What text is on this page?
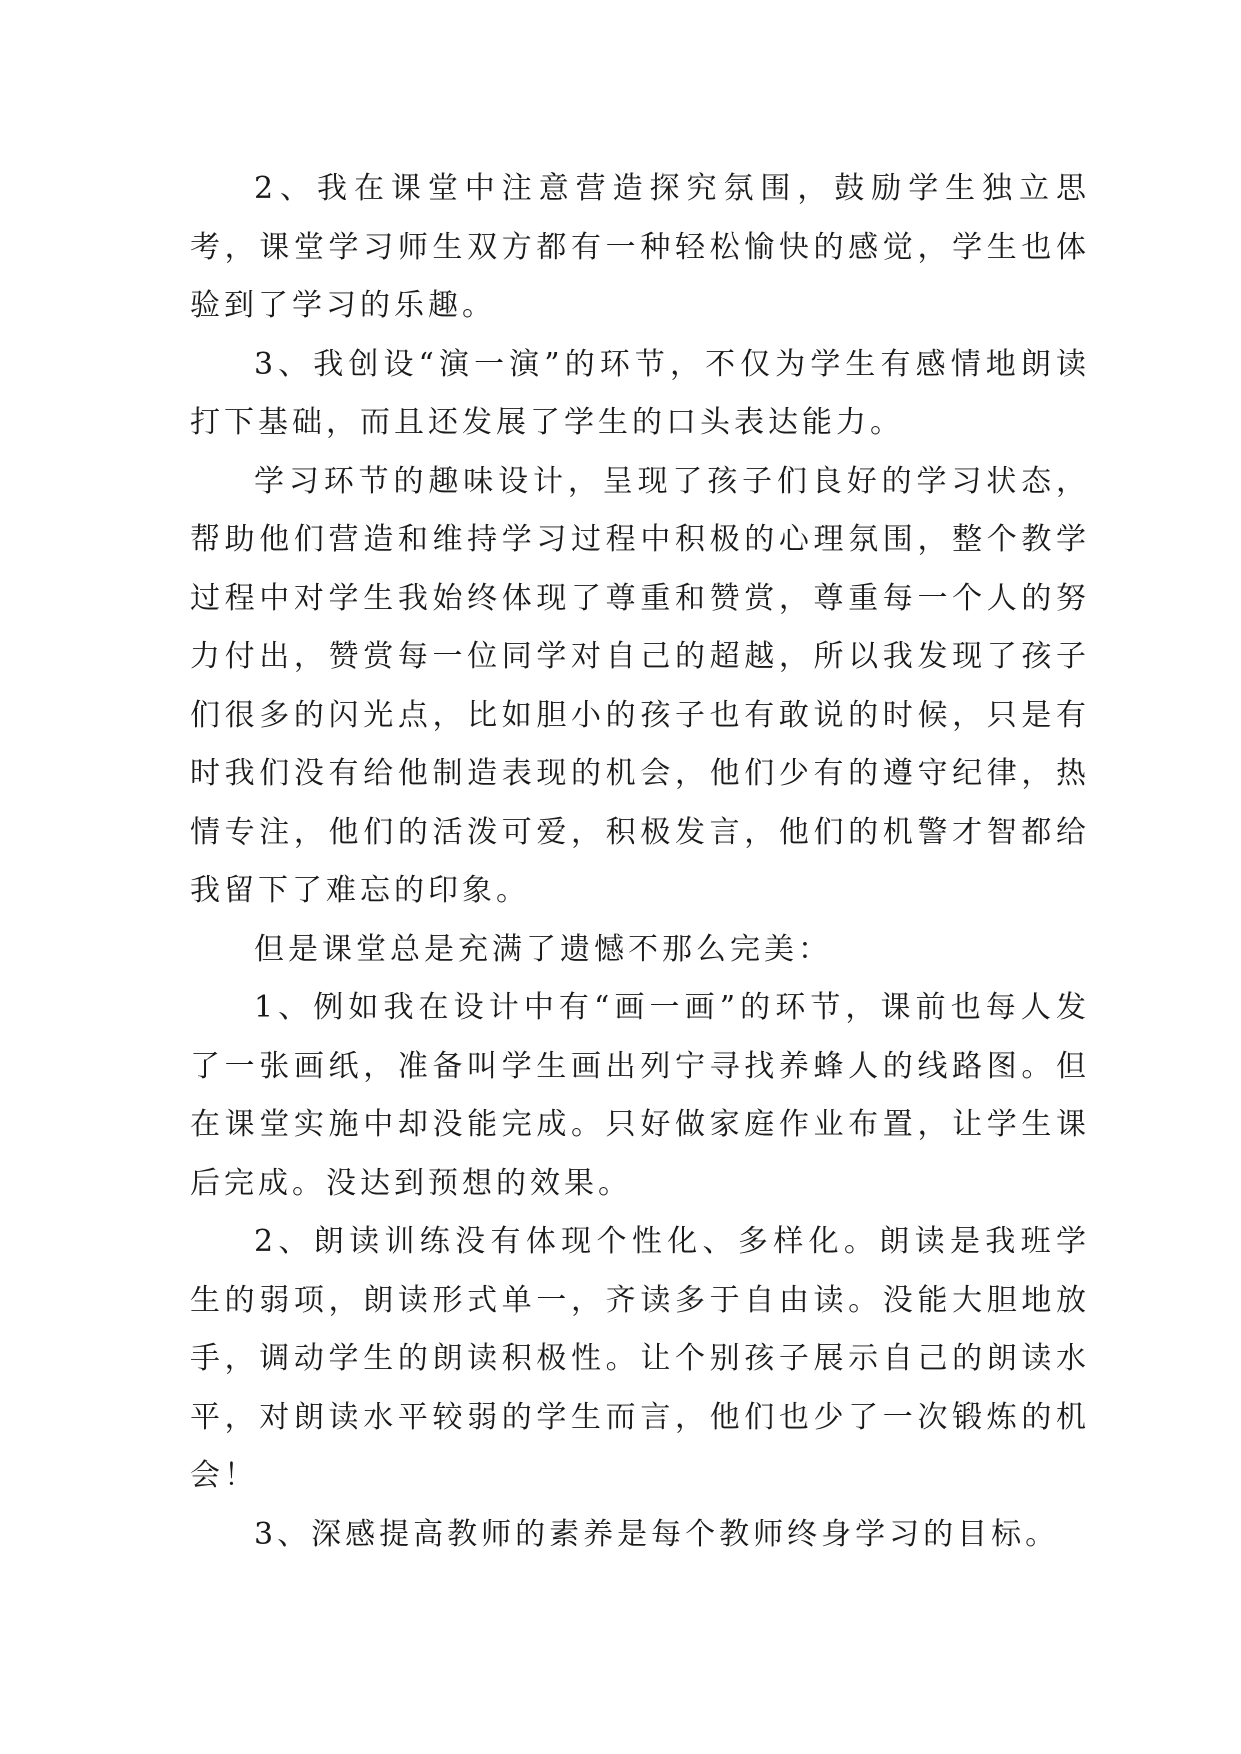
2、我在课堂中注意营造探究氛围，鼓励学生独立思考，课堂学习师生双方都有一种轻松愉快的感觉，学生也体验到了学习的乐趣。

3、我创设“演一演”的环节，不仅为学生有感情地朗读打下基础，而且还发展了学生的口头表达能力。

学习环节的趣味设计，呈现了孩子们良好的学习状态，帮助他们营造和维持学习过程中积极的心理氛围，整个教学过程中对学生我始终体现了尊重和赞赏，尊重每一个人的努力付出，赞赏每一位同学对自己的超越，所以我发现了孩子们很多的闪光点，比如胆小的孩子也有敢说的时候，只是有时我们没有给他制造表现的机会，他们少有的遵守纪律，热情专注，他们的活泼可爱，积极发言，他们的机警才智都给我留下了难忘的印象。

但是课堂总是充满了遗憾不那么完美：

1、例如我在设计中有“画一画”的环节，课前也每人发了一张画纸，准备叫学生画出列宁寻找养蜂人的线路图。但在课堂实施中却没能完成。只好做家庭作业布置，让学生课后完成。没达到预想的效果。

2、朗读训练没有体现个性化、多样化。朗读是我班学生的弱项，朗读形式单一，齐读多于自由读。没能大胆地放手，调动学生的朗读积极性。让个别孩子展示自己的朗读水平，对朗读水平较弱的学生而言，他们也少了一次锻炼的机会！

3、深感提高教师的素养是每个教师终身学习的目标。
